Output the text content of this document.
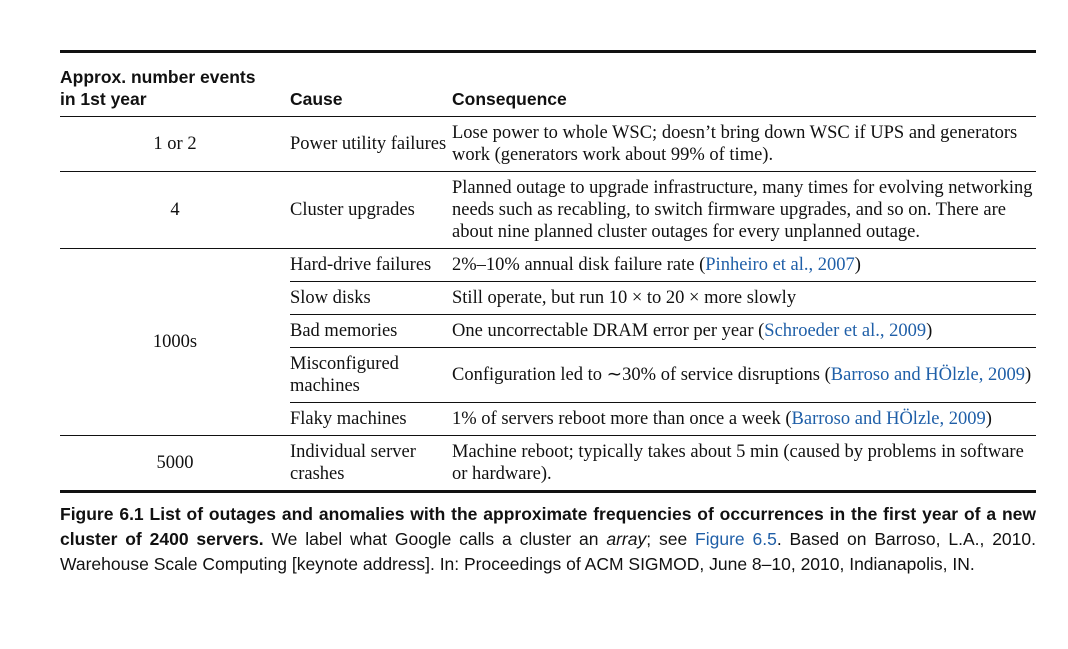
Approx. number events in 1st year	Cause	Consequence
1 or 2	Power utility failures	Lose power to whole WSC; doesn’t bring down WSC if UPS and generators work (generators work about 99% of time).
4	Cluster upgrades	Planned outage to upgrade infrastructure, many times for evolving networking needs such as recabling, to switch firmware upgrades, and so on. There are about nine planned cluster outages for every unplanned outage.
1000s	Hard-drive failures	2%–10% annual disk failure rate (Pinheiro et al., 2007)
	Slow disks	Still operate, but run 10 × to 20 × more slowly
	Bad memories	One uncorrectable DRAM error per year (Schroeder et al., 2009)
	Misconfigured machines	Configuration led to ∼30% of service disruptions (Barroso and HÖlzle, 2009)
	Flaky machines	1% of servers reboot more than once a week (Barroso and HÖlzle, 2009)
5000	Individual server crashes	Machine reboot; typically takes about 5 min (caused by problems in software or hardware).
Figure 6.1 List of outages and anomalies with the approximate frequencies of occurrences in the first year of a new cluster of 2400 servers. We label what Google calls a cluster an array; see Figure 6.5. Based on Barroso, L.A., 2010. Warehouse Scale Computing [keynote address]. In: Proceedings of ACM SIGMOD, June 8–10, 2010, Indianapolis, IN.
